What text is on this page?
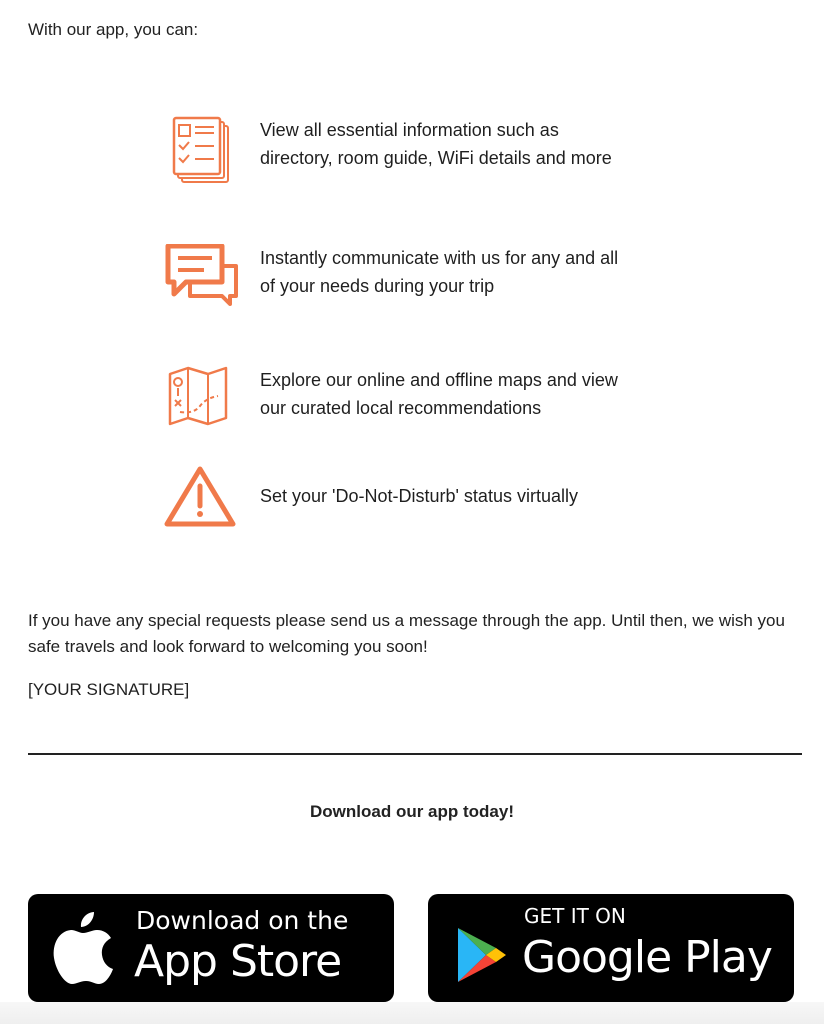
With our app, you can:

View all essential information such as
directory, room guide, WiFi details and more

Instantly communicate with us for any and all
of your needs during your trip

Explore our online and offline maps and view
our curated local recommendations

Set your 'Do-Not-Disturb' status virtually

If you have any special requests please send us a message through the app. Until then, we wish you safe travels and look forward to welcoming you soon!

[YOUR SIGNATURE]

Download our app today!

Download on the
App Store
GET IT ON
Google Play
